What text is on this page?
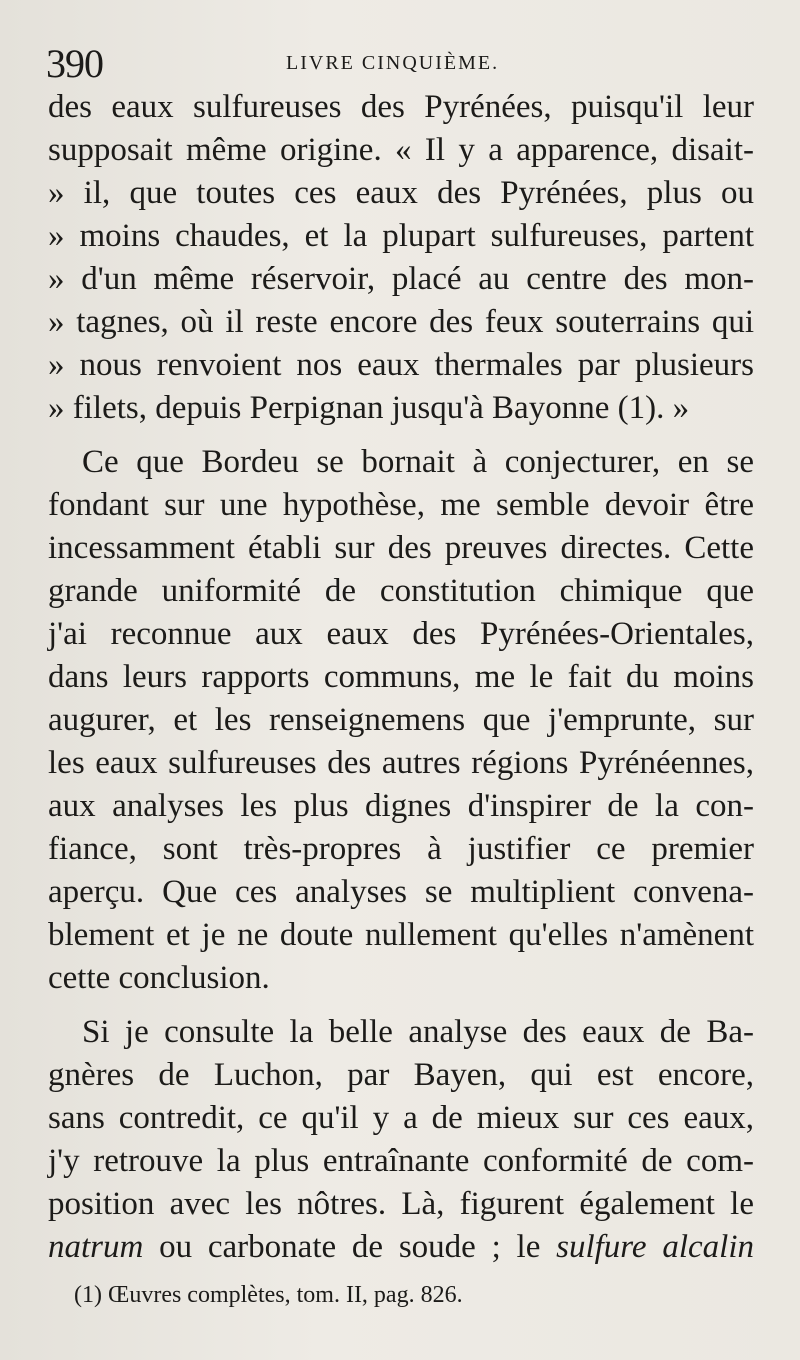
390	LIVRE CINQUIÈME.
des eaux sulfureuses des Pyrénées, puisqu'il leur
supposait même origine. « Il y a apparence, disait-
» il, que toutes ces eaux des Pyrénées, plus ou
» moins chaudes, et la plupart sulfureuses, partent
» d'un même réservoir, placé au centre des mon-
» tagnes, où il reste encore des feux souterrains qui
» nous renvoient nos eaux thermales par plusieurs
» filets, depuis Perpignan jusqu'à Bayonne (1). »
Ce que Bordeu se bornait à conjecturer, en se
fondant sur une hypothèse, me semble devoir être
incessamment établi sur des preuves directes. Cette
grande uniformité de constitution chimique que
j'ai reconnue aux eaux des Pyrénées-Orientales,
dans leurs rapports communs, me le fait du moins
augurer, et les renseignemens que j'emprunte, sur
les eaux sulfureuses des autres régions Pyrénéennes,
aux analyses les plus dignes d'inspirer de la con-
fiance, sont très-propres à justifier ce premier
aperçu. Que ces analyses se multiplient convena-
blement et je ne doute nullement qu'elles n'amènent
cette conclusion.
Si je consulte la belle analyse des eaux de Ba-
gnères de Luchon, par Bayen, qui est encore,
sans contredit, ce qu'il y a de mieux sur ces eaux,
j'y retrouve la plus entraînante conformité de com-
position avec les nôtres. Là, figurent également le
natrum ou carbonate de soude ; le sulfure alcalin
(1) Œuvres complètes, tom. II, pag. 826.
